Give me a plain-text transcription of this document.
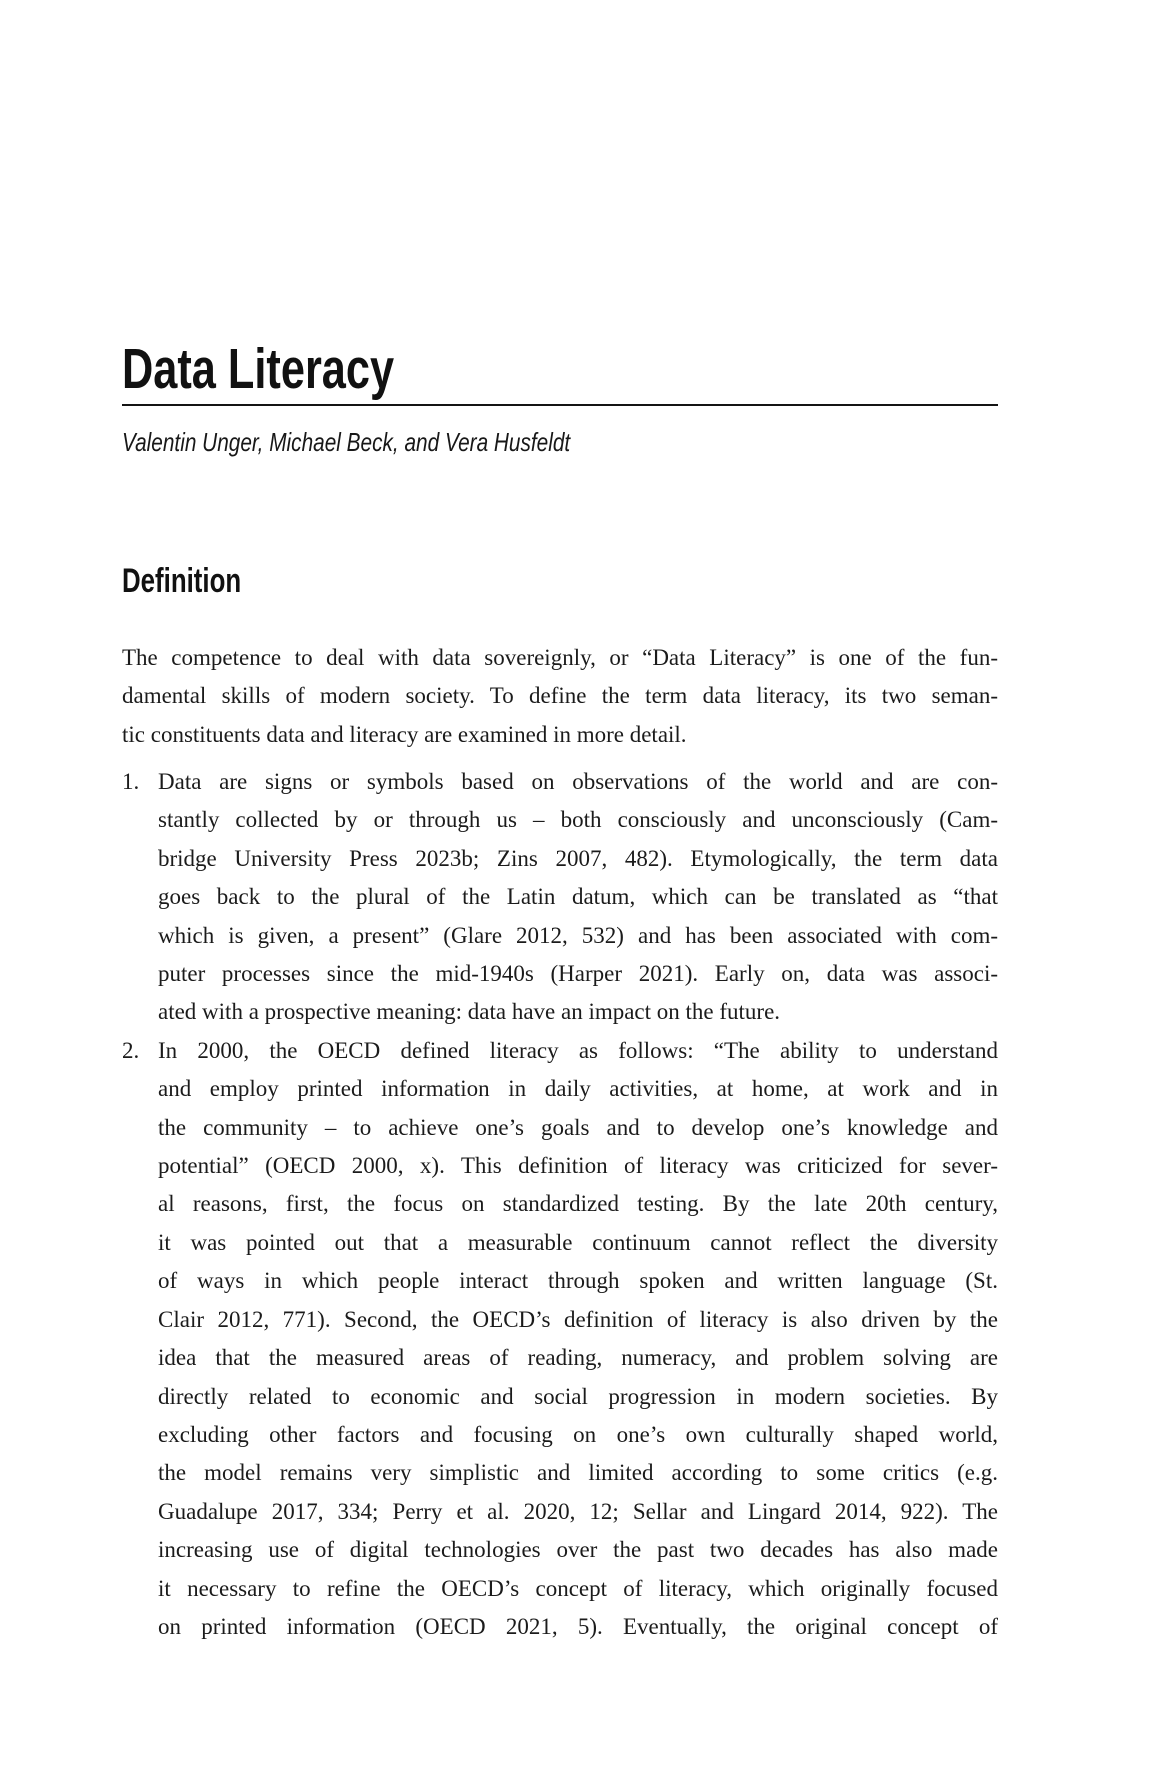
Data Literacy
Valentin Unger, Michael Beck, and Vera Husfeldt
Definition
The competence to deal with data sovereignly, or “Data Literacy” is one of the fun-
damental skills of modern society. To define the term data literacy, its two seman-
tic constituents data and literacy are examined in more detail.
1. Data are signs or symbols based on observations of the world and are con-
stantly collected by or through us – both consciously and unconsciously (Cam-
bridge University Press 2023b; Zins 2007, 482). Etymologically, the term data
goes back to the plural of the Latin datum, which can be translated as “that
which is given, a present” (Glare 2012, 532) and has been associated with com-
puter processes since the mid-1940s (Harper 2021). Early on, data was associ-
ated with a prospective meaning: data have an impact on the future.
2. In 2000, the OECD defined literacy as follows: “The ability to understand
and employ printed information in daily activities, at home, at work and in
the community – to achieve one’s goals and to develop one’s knowledge and
potential” (OECD 2000, x). This definition of literacy was criticized for sever-
al reasons, first, the focus on standardized testing. By the late 20th century,
it was pointed out that a measurable continuum cannot reflect the diversity
of ways in which people interact through spoken and written language (St.
Clair 2012, 771). Second, the OECD’s definition of literacy is also driven by the
idea that the measured areas of reading, numeracy, and problem solving are
directly related to economic and social progression in modern societies. By
excluding other factors and focusing on one’s own culturally shaped world,
the model remains very simplistic and limited according to some critics (e.g.
Guadalupe 2017, 334; Perry et al. 2020, 12; Sellar and Lingard 2014, 922). The
increasing use of digital technologies over the past two decades has also made
it necessary to refine the OECD’s concept of literacy, which originally focused
on printed information (OECD 2021, 5). Eventually, the original concept of
